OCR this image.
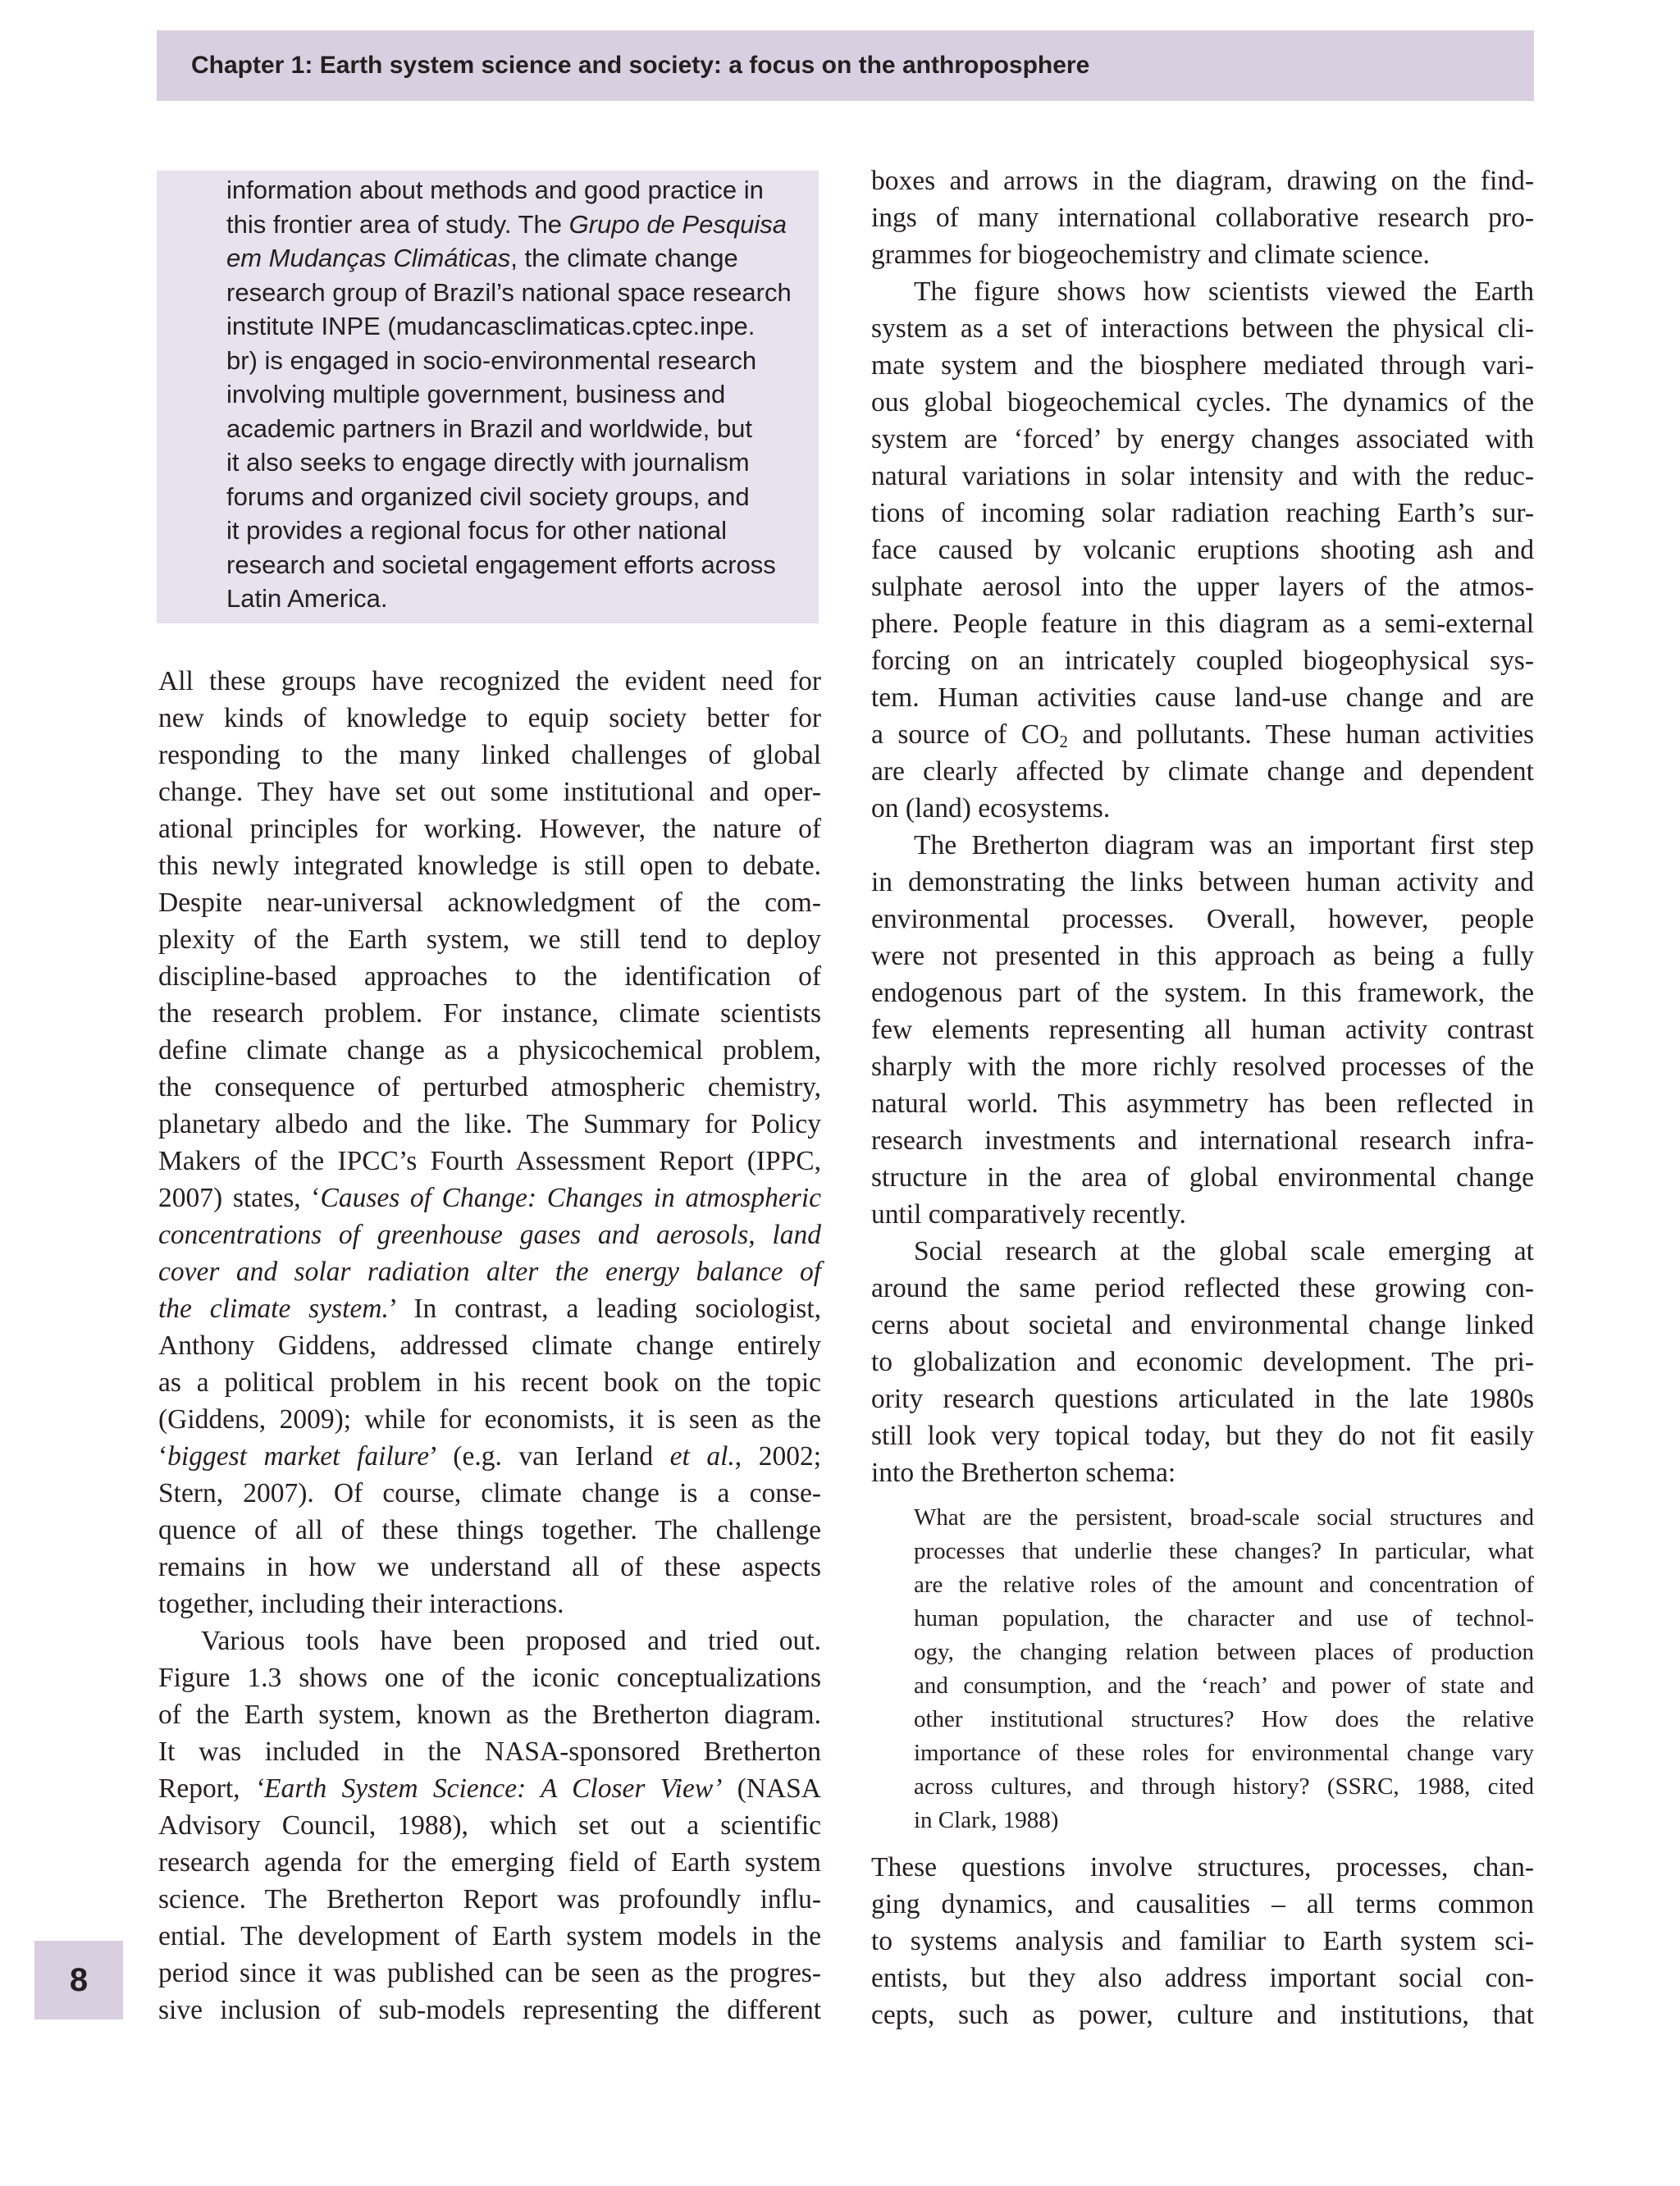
Chapter 1: Earth system science and society: a focus on the anthroposphere
information about methods and good practice in
this frontier area of study. The Grupo de Pesquisa
em Mudanças Climáticas, the climate change
research group of Brazil’s national space research
institute INPE (mudancasclimaticas.cptec.inpe.
br) is engaged in socio-environmental research
involving multiple government, business and
academic partners in Brazil and worldwide, but
it also seeks to engage directly with journalism
forums and organized civil society groups, and
it provides a regional focus for other national
research and societal engagement efforts across
Latin America.
All these groups have recognized the evident need for
new kinds of knowledge to equip society better for
responding to the many linked challenges of global
change. They have set out some institutional and oper-
ational principles for working. However, the nature of
this newly integrated knowledge is still open to debate.
Despite near-universal acknowledgment of the com-
plexity of the Earth system, we still tend to deploy
discipline-based approaches to the identification of
the research problem. For instance, climate scientists
define climate change as a physicochemical problem,
the consequence of perturbed atmospheric chemistry,
planetary albedo and the like. The Summary for Policy
Makers of the IPCC’s Fourth Assessment Report (IPPC,
2007) states, ‘Causes of Change: Changes in atmospheric
concentrations of greenhouse gases and aerosols, land
cover and solar radiation alter the energy balance of
the climate system.’ In contrast, a leading sociologist,
Anthony Giddens, addressed climate change entirely
as a political problem in his recent book on the topic
(Giddens, 2009); while for economists, it is seen as the
‘biggest market failure’ (e.g. van Ierland et al., 2002;
Stern, 2007). Of course, climate change is a conse-
quence of all of these things together. The challenge
remains in how we understand all of these aspects
together, including their interactions.
Various tools have been proposed and tried out.
Figure 1.3 shows one of the iconic conceptualizations
of the Earth system, known as the Bretherton diagram.
It was included in the NASA-sponsored Bretherton
Report, ‘Earth System Science: A Closer View’ (NASA
Advisory Council, 1988), which set out a scientific
research agenda for the emerging field of Earth system
science. The Bretherton Report was profoundly influ-
ential. The development of Earth system models in the
period since it was published can be seen as the progres-
sive inclusion of sub-models representing the different
boxes and arrows in the diagram, drawing on the find-
ings of many international collaborative research pro-
grammes for biogeochemistry and climate science.
The figure shows how scientists viewed the Earth
system as a set of interactions between the physical cli-
mate system and the biosphere mediated through vari-
ous global biogeochemical cycles. The dynamics of the
system are ‘forced’ by energy changes associated with
natural variations in solar intensity and with the reduc-
tions of incoming solar radiation reaching Earth’s sur-
face caused by volcanic eruptions shooting ash and
sulphate aerosol into the upper layers of the atmos-
phere. People feature in this diagram as a semi-external
forcing on an intricately coupled biogeophysical sys-
tem. Human activities cause land-use change and are
a source of $CO_2$ and pollutants. These human activities
are clearly affected by climate change and dependent
on (land) ecosystems.
The Bretherton diagram was an important first step
in demonstrating the links between human activity and
environmental processes. Overall, however, people
were not presented in this approach as being a fully
endogenous part of the system. In this framework, the
few elements representing all human activity contrast
sharply with the more richly resolved processes of the
natural world. This asymmetry has been reflected in
research investments and international research infra-
structure in the area of global environmental change
until comparatively recently.
Social research at the global scale emerging at
around the same period reflected these growing con-
cerns about societal and environmental change linked
to globalization and economic development. The pri-
ority research questions articulated in the late 1980s
still look very topical today, but they do not fit easily
into the Bretherton schema:
What are the persistent, broad-scale social structures and
processes that underlie these changes? In particular, what
are the relative roles of the amount and concentration of
human population, the character and use of technol-
ogy, the changing relation between places of production
and consumption, and the ‘reach’ and power of state and
other institutional structures? How does the relative
importance of these roles for environmental change vary
across cultures, and through history? (SSRC, 1988, cited
in Clark, 1988)
These questions involve structures, processes, chan-
ging dynamics, and causalities – all terms common
to systems analysis and familiar to Earth system sci-
entists, but they also address important social con-
cepts, such as power, culture and institutions, that
8
